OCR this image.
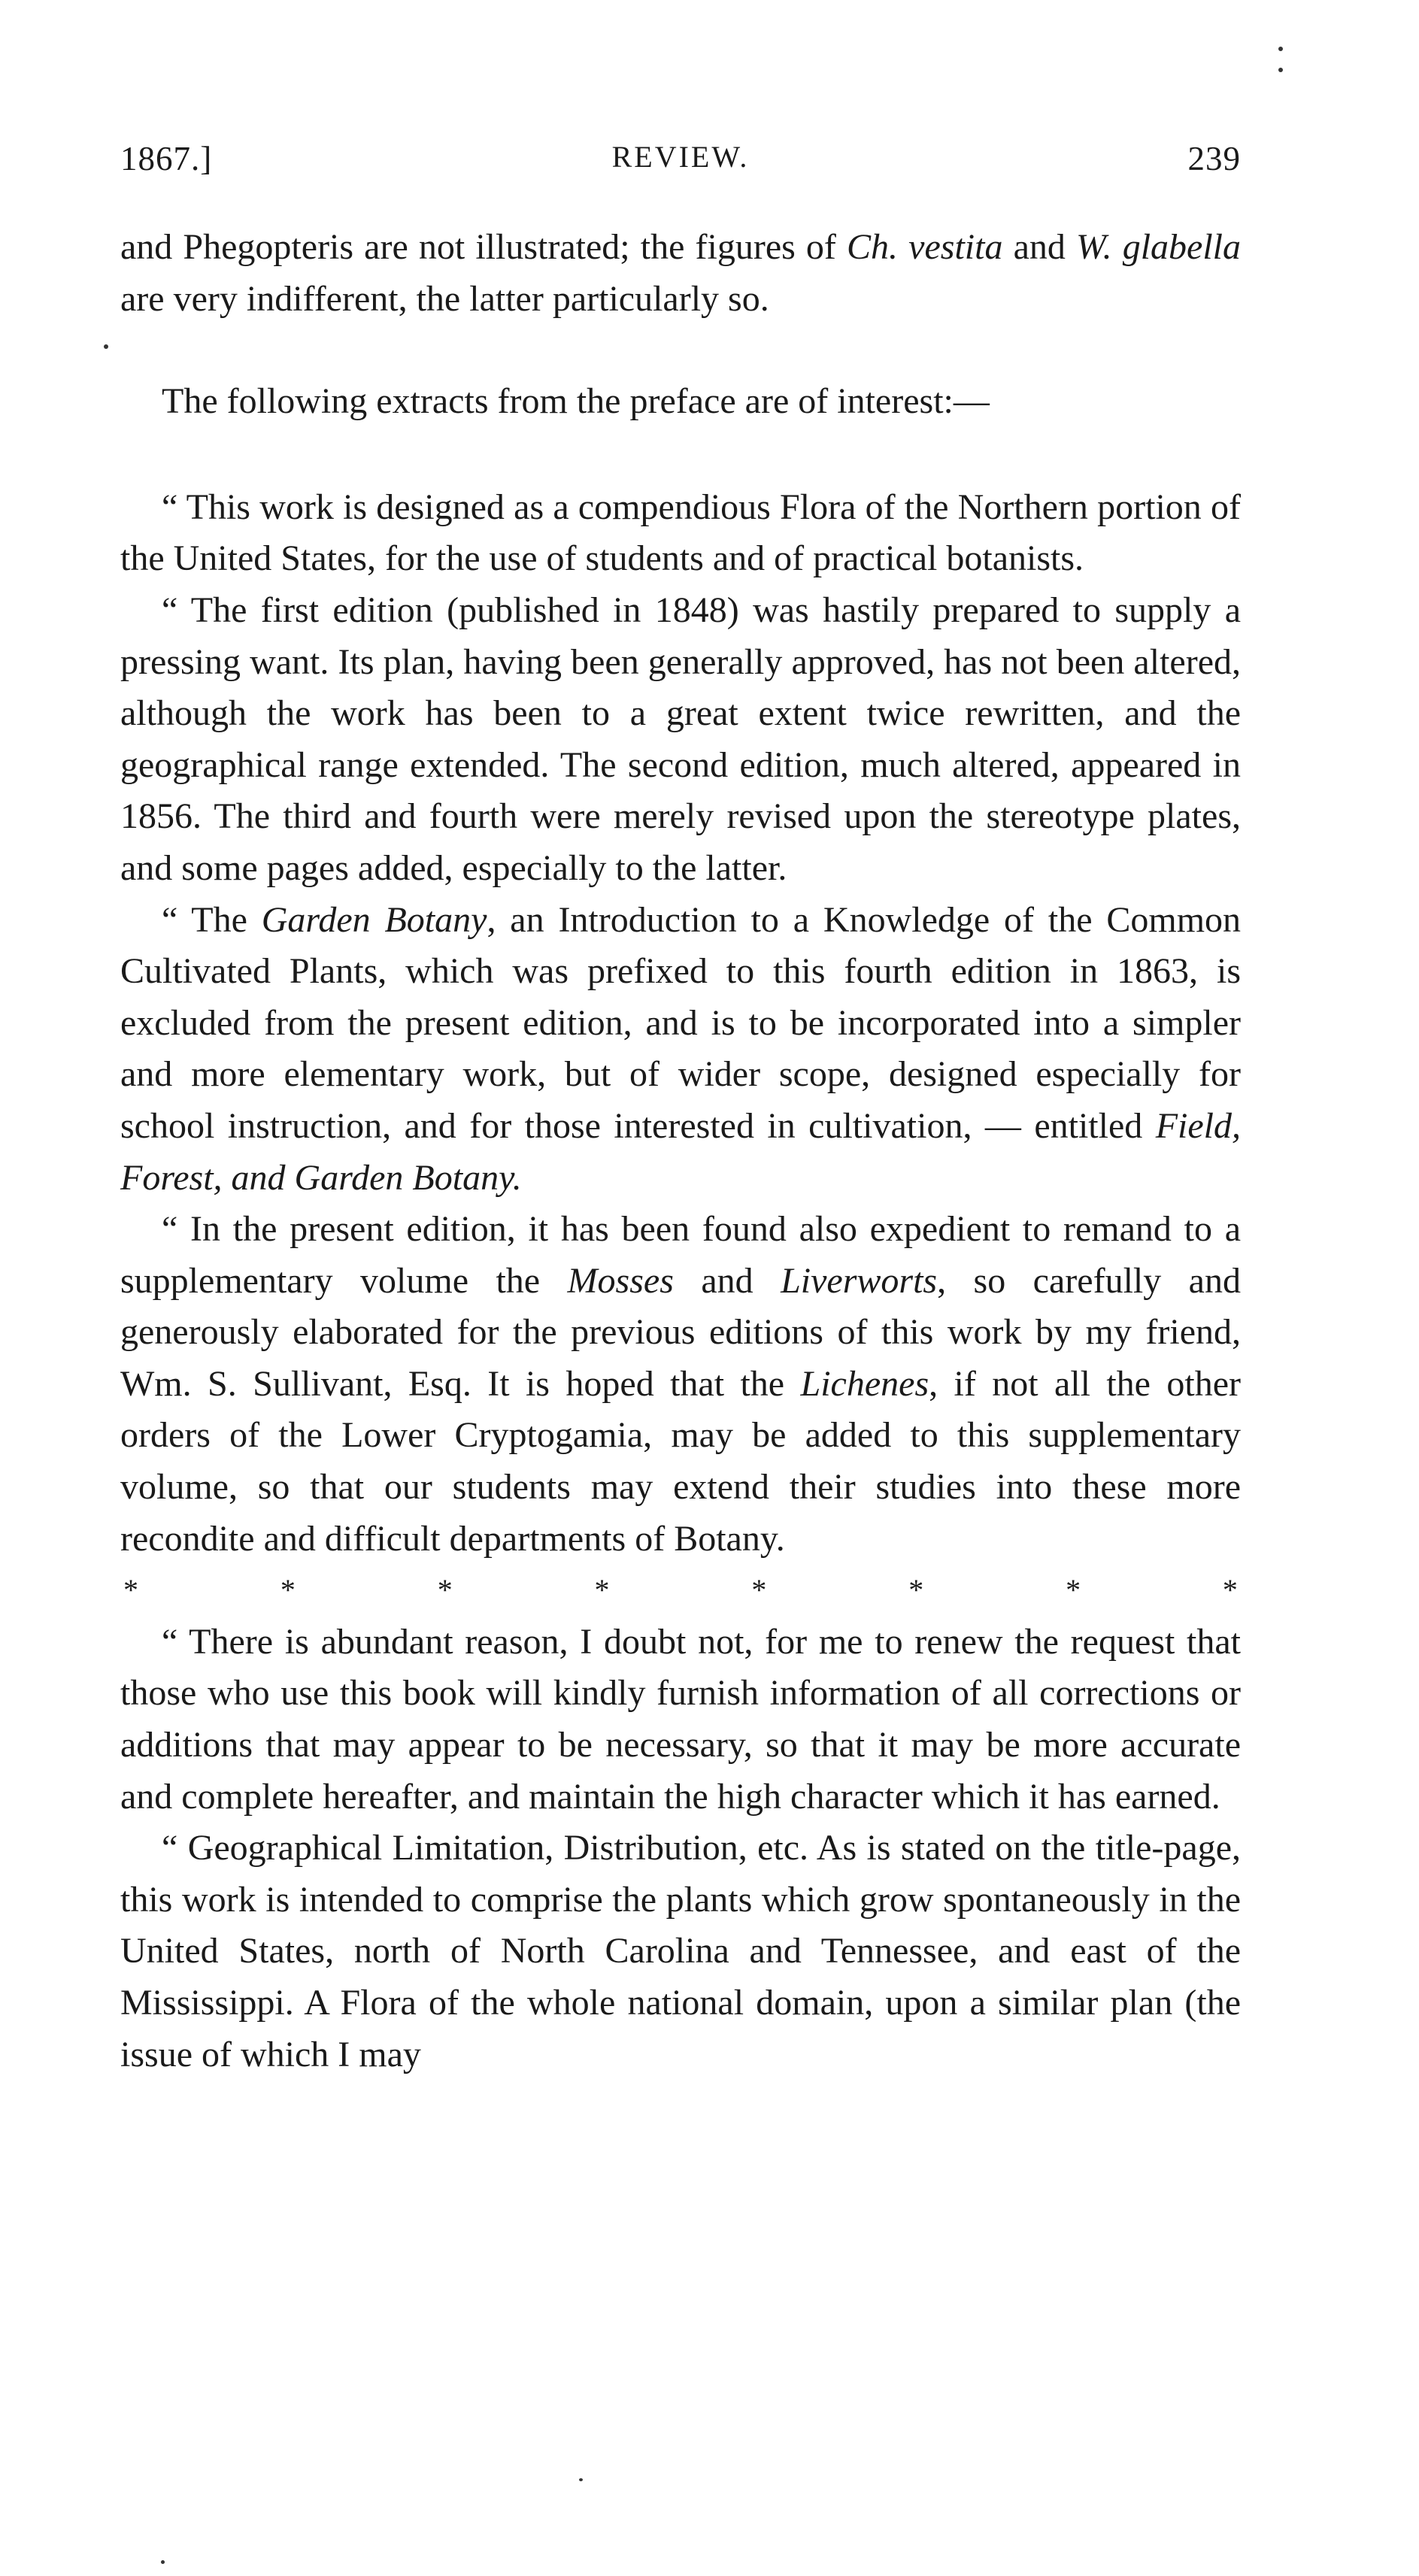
1867.]	REVIEW.	239

and Phegopteris are not illustrated; the figures of Ch. vestita and W. glabella are very indifferent, the latter particularly so.

The following extracts from the preface are of interest:—

“ This work is designed as a compendious Flora of the Northern portion of the United States, for the use of students and of practical botanists.

“ The first edition (published in 1848) was hastily prepared to supply a pressing want. Its plan, having been generally approved, has not been altered, although the work has been to a great extent twice rewritten, and the geographical range extended. The second edition, much altered, appeared in 1856. The third and fourth were merely revised upon the stereotype plates, and some pages added, especially to the latter.

“ The Garden Botany, an Introduction to a Knowledge of the Common Cultivated Plants, which was prefixed to this fourth edition in 1863, is excluded from the present edition, and is to be incorporated into a simpler and more elementary work, but of wider scope, designed especially for school instruction, and for those interested in cultivation, — entitled Field, Forest, and Garden Botany.

“ In the present edition, it has been found also expedient to remand to a supplementary volume the Mosses and Liverworts, so carefully and generously elaborated for the previous editions of this work by my friend, Wm. S. Sullivant, Esq. It is hoped that the Lichenes, if not all the other orders of the Lower Cryptogamia, may be added to this supplementary volume, so that our students may extend their studies into these more recondite and difficult departments of Botany.

*	*	*	*	*	*	*	*

“ There is abundant reason, I doubt not, for me to renew the request that those who use this book will kindly furnish information of all corrections or additions that may appear to be necessary, so that it may be more accurate and complete hereafter, and maintain the high character which it has earned.

“ Geographical Limitation, Distribution, etc. As is stated on the title-page, this work is intended to comprise the plants which grow spontaneously in the United States, north of North Carolina and Tennessee, and east of the Mississippi. A Flora of the whole national domain, upon a similar plan (the issue of which I may
